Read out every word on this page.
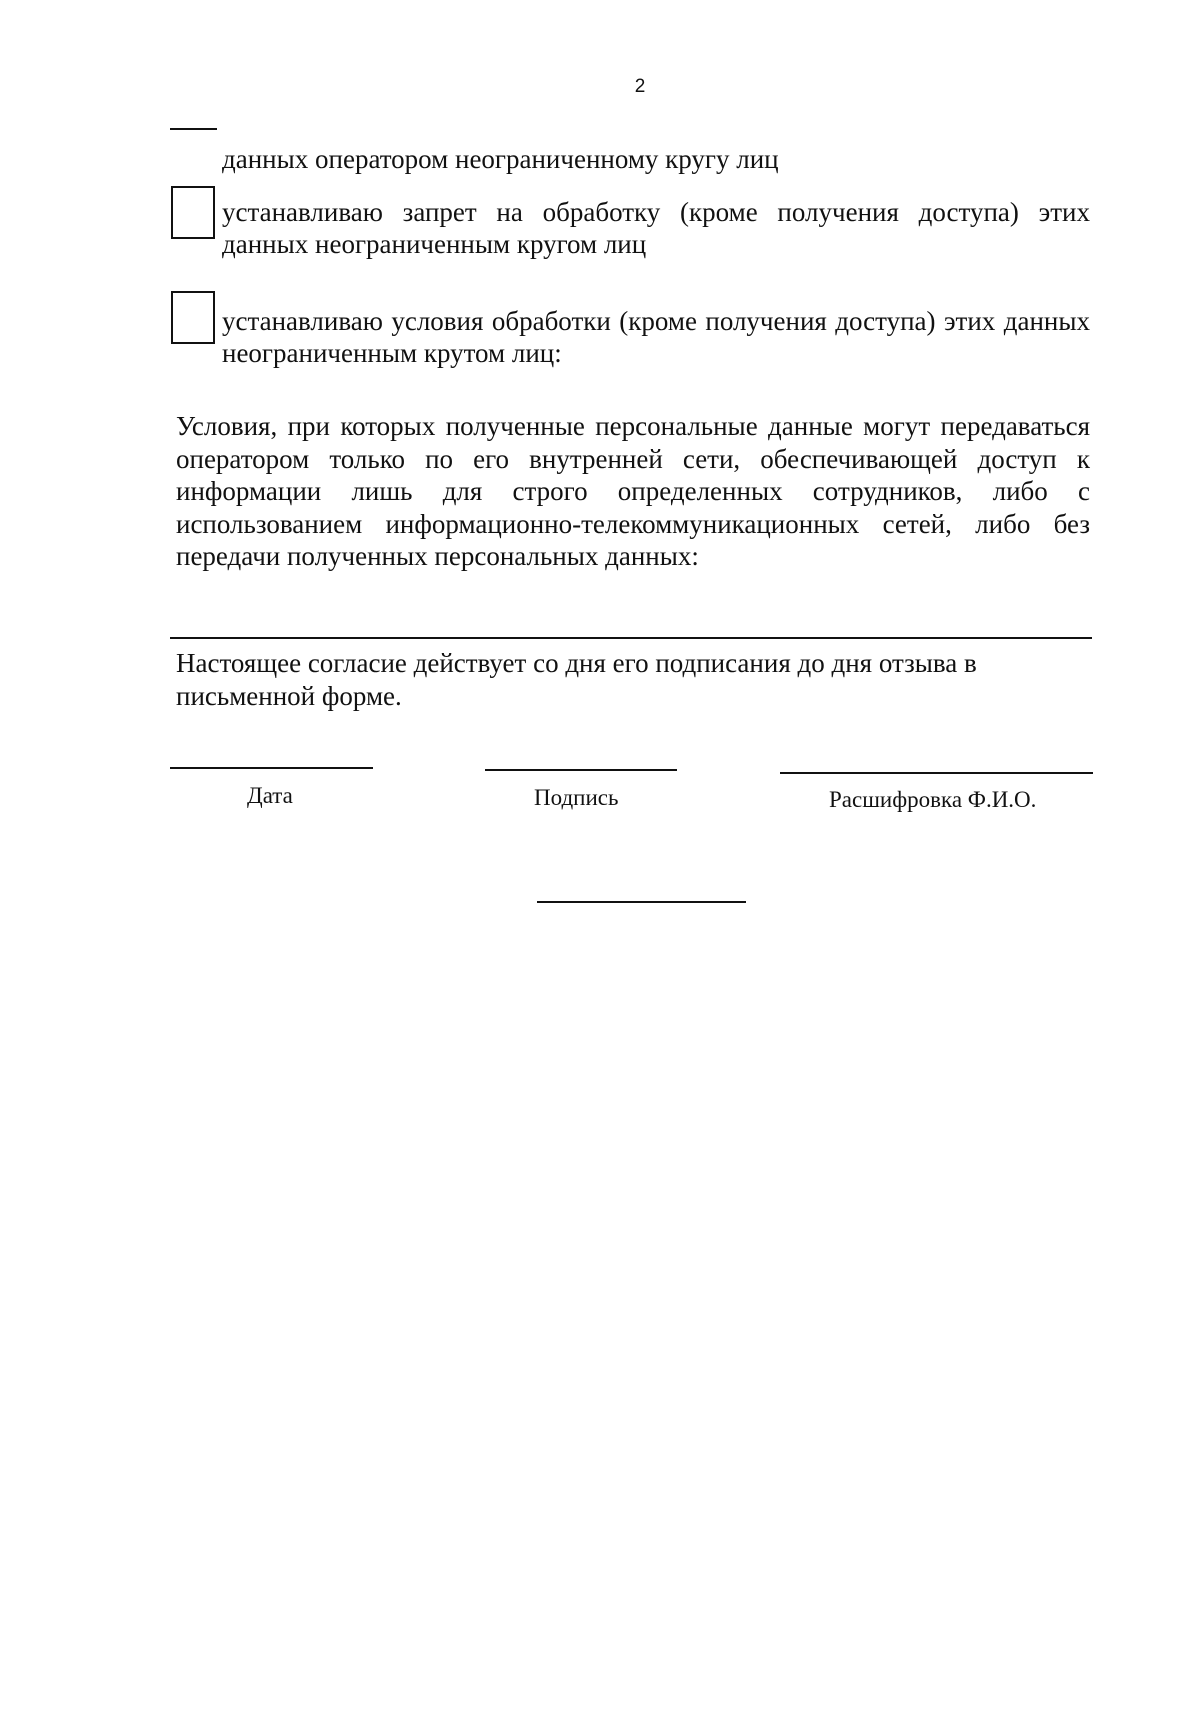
2
данных оператором неограниченному кругу лиц
устанавливаю запрет на обработку (кроме получения доступа) этих данных неограниченным кругом лиц
устанавливаю условия обработки (кроме получения доступа) этих данных неограниченным крутом лиц:
Условия, при которых полученные персональные данные могут передаваться оператором только по его внутренней сети, обеспечивающей доступ к информации лишь для строго определенных сотрудников, либо с использованием информационно-телекоммуникационных сетей, либо без передачи полученных персональных данных:
Настоящее согласие действует со дня его подписания до дня отзыва в
письменной форме.
Дата	Подпись	Расшифровка Ф.И.О.
